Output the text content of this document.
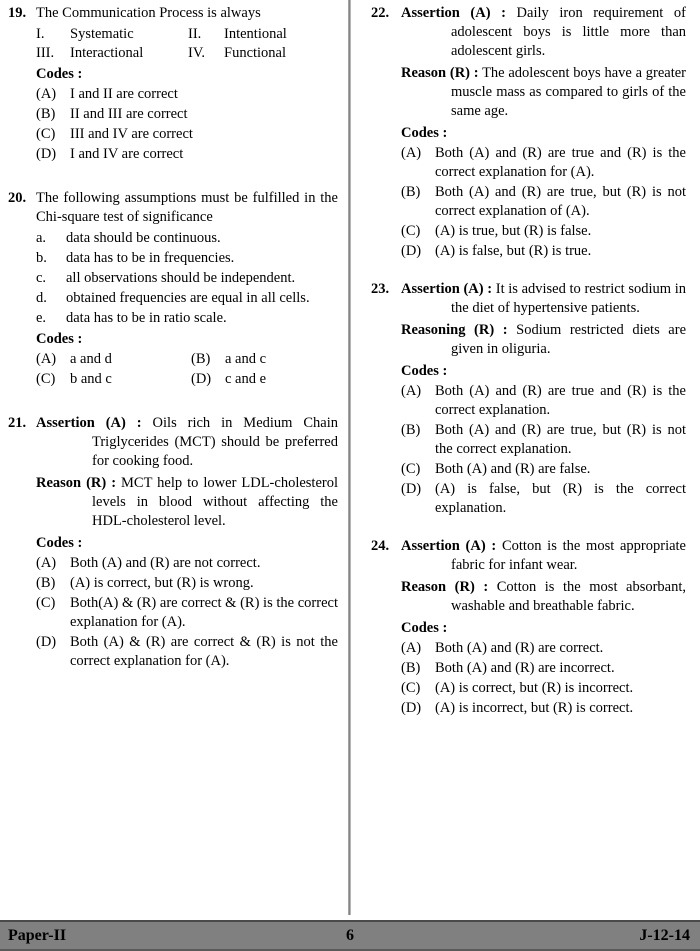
19. The Communication Process is always

I.	Systematic	II.	Intentional
III.	Interactional	IV.	Functional
Codes :
(A) I and II are correct
(B)	II and III are correct
(C)	III and IV are correct
(D) I and IV are correct
20. The following assumptions must be fulfilled in the Chi-square test of significance

a.	data should be continuous.
b.	data has to be in frequencies.
c.	all observations should be independent.
d.	obtained frequencies are equal in all cells.
e.	data has to be in ratio scale.
Codes :
(A) a and d	(B)	a and c
(C)	b and c	(D) c and e
21. Assertion (A) : Oils rich in Medium Chain Triglycerides (MCT) should be preferred for cooking food.

Reason (R) : MCT help to lower LDL-cholesterol levels in blood without affecting the HDL-cholesterol level.

Codes :
(A) Both (A) and (R) are not correct.
(B)	(A) is correct, but (R) is wrong.
(C)	Both(A) & (R) are correct & (R) is the correct explanation for (A).
(D) Both (A) & (R) are correct & (R) is not the correct explanation for (A).
22. Assertion (A) : Daily iron requirement of adolescent boys is little more than adolescent girls.

Reason (R) : The adolescent boys have a greater muscle mass as compared to girls of the same age.

Codes :
(A) Both (A) and (R) are true and (R) is the correct explanation for (A).
(B)	Both (A) and (R) are true, but (R) is not correct explanation of (A).
(C)	(A) is true, but (R) is false.
(D) (A) is false, but (R) is true.
23. Assertion (A) : It is advised to restrict sodium in the diet of hypertensive patients.

Reasoning (R) : Sodium restricted diets are given in oliguria.

Codes :
(A) Both (A) and (R) are true and (R) is the correct explanation.
(B)	Both (A) and (R) are true, but (R) is not the correct explanation.
(C)	Both (A) and (R) are false.
(D) (A) is false, but (R) is the correct explanation.
24. Assertion (A) : Cotton is the most appropriate fabric for infant wear.

Reason (R) : Cotton is the most absorbant, washable and breathable fabric.

Codes :
(A) Both (A) and (R) are correct.
(B)	Both (A) and (R) are incorrect.
(C)	(A) is correct, but (R) is incorrect.
(D) (A) is incorrect, but (R) is correct.
Paper-II	6	J-12-14
